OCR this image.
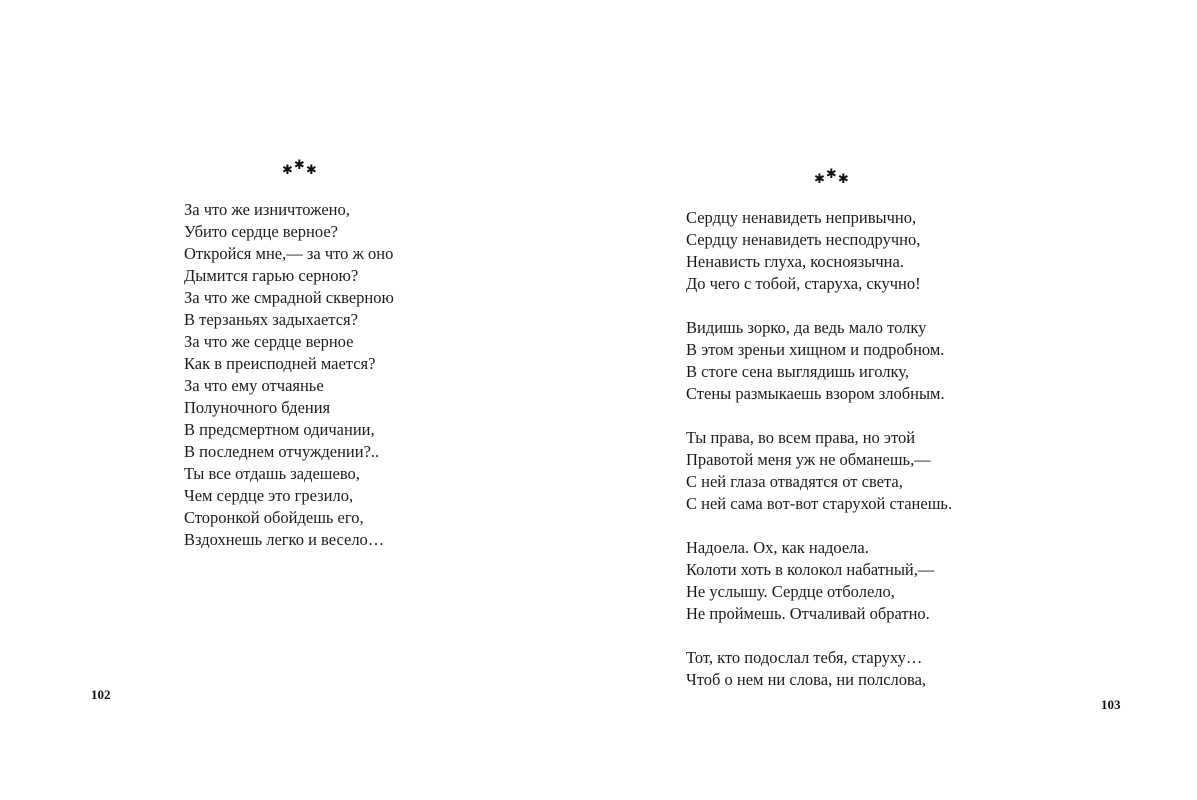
✱✱✱
За что же изничтожено,
Убито сердце верное?
Откройся мне,— за что ж оно
Дымится гарью серною?
За что же смрадной скверною
В терзаньях задыхается?
За что же сердце верное
Как в преисподней мается?
За что ему отчаянье
Полуночного бдения
В предсмертном одичании,
В последнем отчуждении?..
Ты все отдашь задешево,
Чем сердце это грезило,
Сторонкой обойдешь его,
Вздохнешь легко и весело…
102
✱✱✱
Сердцу ненавидеть непривычно,
Сердцу ненавидеть несподручно,
Ненависть глуха, косноязычна.
До чего с тобой, старуха, скучно!
Видишь зорко, да ведь мало толку
В этом зреньи хищном и подробном.
В стоге сена выглядишь иголку,
Стены размыкаешь взором злобным.
Ты права, во всем права, но этой
Правотой меня уж не обманешь,—
С ней глаза отвадятся от света,
С ней сама вот-вот старухой станешь.
Надоела. Ох, как надоела.
Колоти хоть в колокол набатный,—
Не услышу. Сердце отболело,
Не проймешь. Отчаливай обратно.
Тот, кто подослал тебя, старуху…
Чтоб о нем ни слова, ни полслова,
103
